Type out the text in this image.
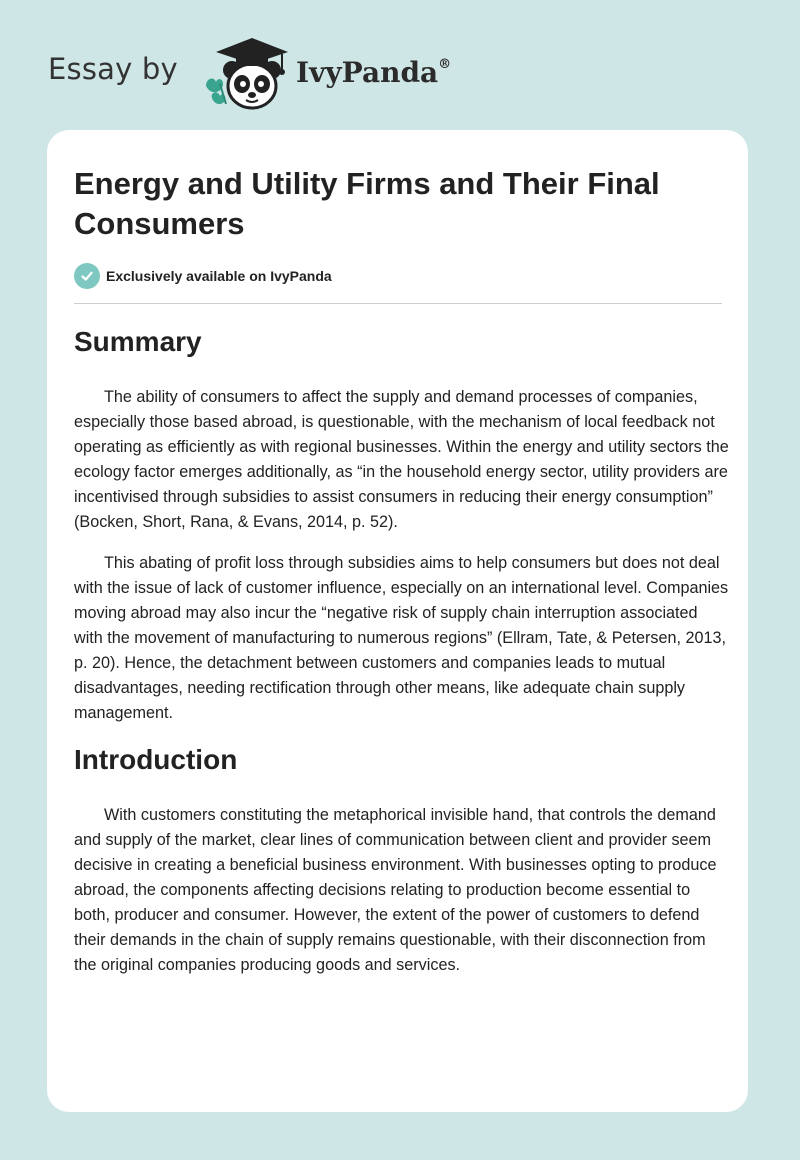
Essay by	IvyPanda®
Energy and Utility Firms and Their Final Consumers
Exclusively available on IvyPanda
Summary

The ability of consumers to affect the supply and demand processes of companies, especially those based abroad, is questionable, with the mechanism of local feedback not operating as efficiently as with regional businesses. Within the energy and utility sectors the ecology factor emerges additionally, as “in the household energy sector, utility providers are incentivised through subsidies to assist consumers in reducing their energy consumption” (Bocken, Short, Rana, & Evans, 2014, p. 52).

This abating of profit loss through subsidies aims to help consumers but does not deal with the issue of lack of customer influence, especially on an international level. Companies moving abroad may also incur the “negative risk of supply chain interruption associated with the movement of manufacturing to numerous regions” (Ellram, Tate, & Petersen, 2013, p. 20). Hence, the detachment between customers and companies leads to mutual disadvantages, needing rectification through other means, like adequate chain supply management.

Introduction

With customers constituting the metaphorical invisible hand, that controls the demand and supply of the market, clear lines of communication between client and provider seem decisive in creating a beneficial business environment. With businesses opting to produce abroad, the components affecting decisions relating to production become essential to both, producer and consumer. However, the extent of the power of customers to defend their demands in the chain of supply remains questionable, with their disconnection from the original companies producing goods and services.
